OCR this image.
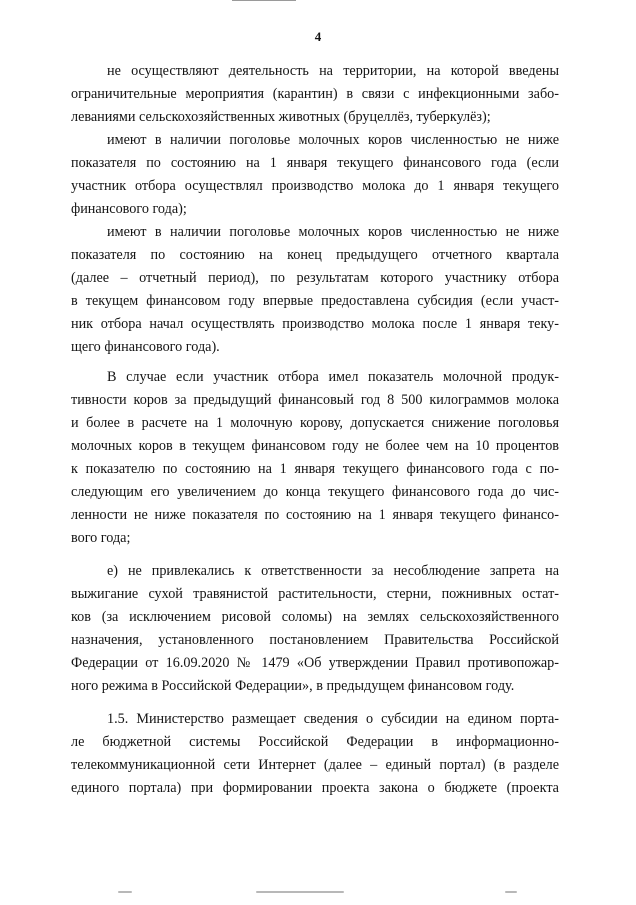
4
не осуществляют деятельность на территории, на которой введены
ограничительные мероприятия (карантин) в связи с инфекционными забо-
леваниями сельскохозяйственных животных (бруцеллёз, туберкулёз);
имеют в наличии поголовье молочных коров численностью не ниже
показателя по состоянию на 1 января текущего финансового года (если
участник отбора осуществлял производство молока до 1 января текущего
финансового года);
имеют в наличии поголовье молочных коров численностью не ниже
показателя по состоянию на конец предыдущего отчетного квартала
(далее – отчетный период), по результатам которого участнику отбора
в текущем финансовом году впервые предоставлена субсидия (если участ-
ник отбора начал осуществлять производство молока после 1 января теку-
щего финансового года).
В случае если участник отбора имел показатель молочной продук-
тивности коров за предыдущий финансовый год 8 500 килограммов молока
и более в расчете на 1 молочную корову, допускается снижение поголовья
молочных коров в текущем финансовом году не более чем на 10 процентов
к показателю по состоянию на 1 января текущего финансового года с по-
следующим его увеличением до конца текущего финансового года до чис-
ленности не ниже показателя по состоянию на 1 января текущего финансо-
вого года;
е) не привлекались к ответственности за несоблюдение запрета на
выжигание сухой травянистой растительности, стерни, пожнивных остат-
ков (за исключением рисовой соломы) на землях сельскохозяйственного
назначения, установленного постановлением Правительства Российской
Федерации от 16.09.2020 № 1479 «Об утверждении Правил противопожар-
ного режима в Российской Федерации», в предыдущем финансовом году.
1.5. Министерство размещает сведения о субсидии на едином порта-
ле бюджетной системы Российской Федерации в информационно-
телекоммуникационной сети Интернет (далее – единый портал) (в разделе
единого портала) при формировании проекта закона о бюджете (проекта
